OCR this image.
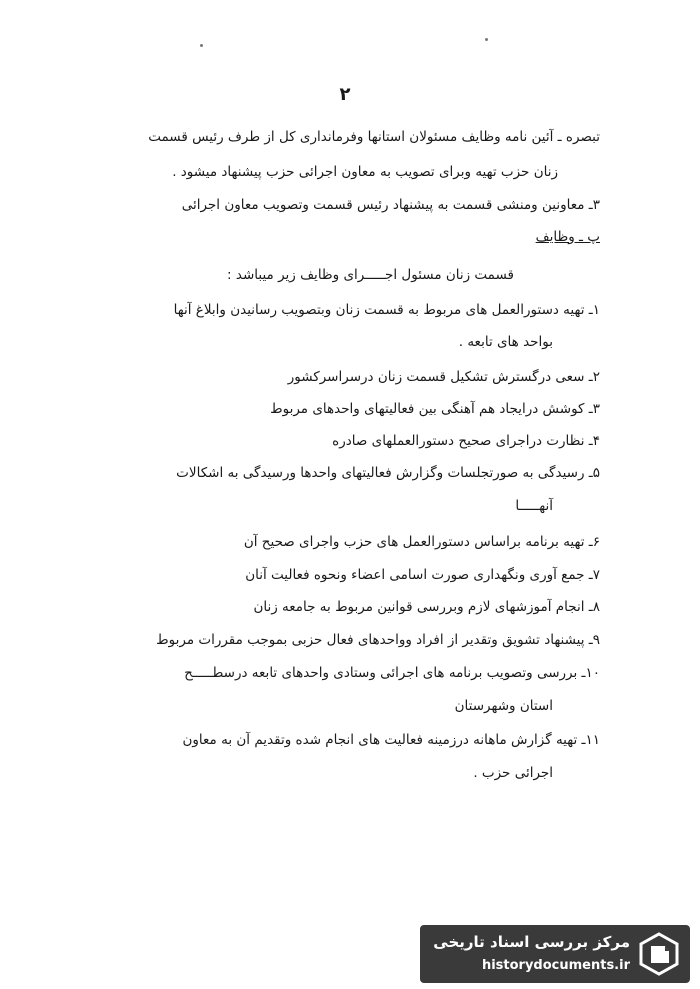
۲
تبصره ـ آئین نامه وظایف مسئولان استانها وفرمانداری کل از طرف رئیس قسمت
زنان حزب تهیه وبرای تصویب به معاون اجرائی حزب پیشنهاد میشود .
۳ـ معاونین ومنشی قسمت به پیشنهاد رئیس قسمت وتصویب معاون اجرائی
پ ـ وظایف
قسمت زنان مسئول اجـــــرای وظایف زیر میباشد :
۱ـ تهیه دستورالعمل های مربوط به قسمت زنان وبتصویب رسانیدن وابلاغ آنها
بواحد های تابعه .
۲ـ سعی درگسترش تشکیل قسمت زنان درسراسرکشور
۳ـ کوشش درایجاد هم آهنگی بین فعالیتهای واحدهای مربوط
۴ـ نظارت دراجرای صحیح دستورالعملهای صادره
۵ـ رسیدگی به صورتجلسات وگزارش فعالیتهای واحدها ورسیدگی به اشکالات
آنهـــــا
۶ـ تهیه برنامه براساس دستورالعمل های حزب واجرای صحیح آن
۷ـ جمع آوری ونگهداری صورت اسامی اعضاء ونحوه فعالیت آنان
۸ـ انجام آموزشهای لازم وبررسی قوانین مربوط به جامعه زنان
۹ـ پیشنهاد تشویق وتقدیر از افراد وواحدهای فعال حزبی بموجب مقررات مربوط
۱۰ـ بررسی وتصویب برنامه های اجرائی وستادی واحدهای تابعه درسطـــــح
استان وشهرستان
۱۱ـ تهیه گزارش ماهانه درزمینه فعالیت های انجام شده وتقدیم آن به معاون
اجرائی حزب .
مرکز بررسی اسناد تاریخی
historydocuments.ir
